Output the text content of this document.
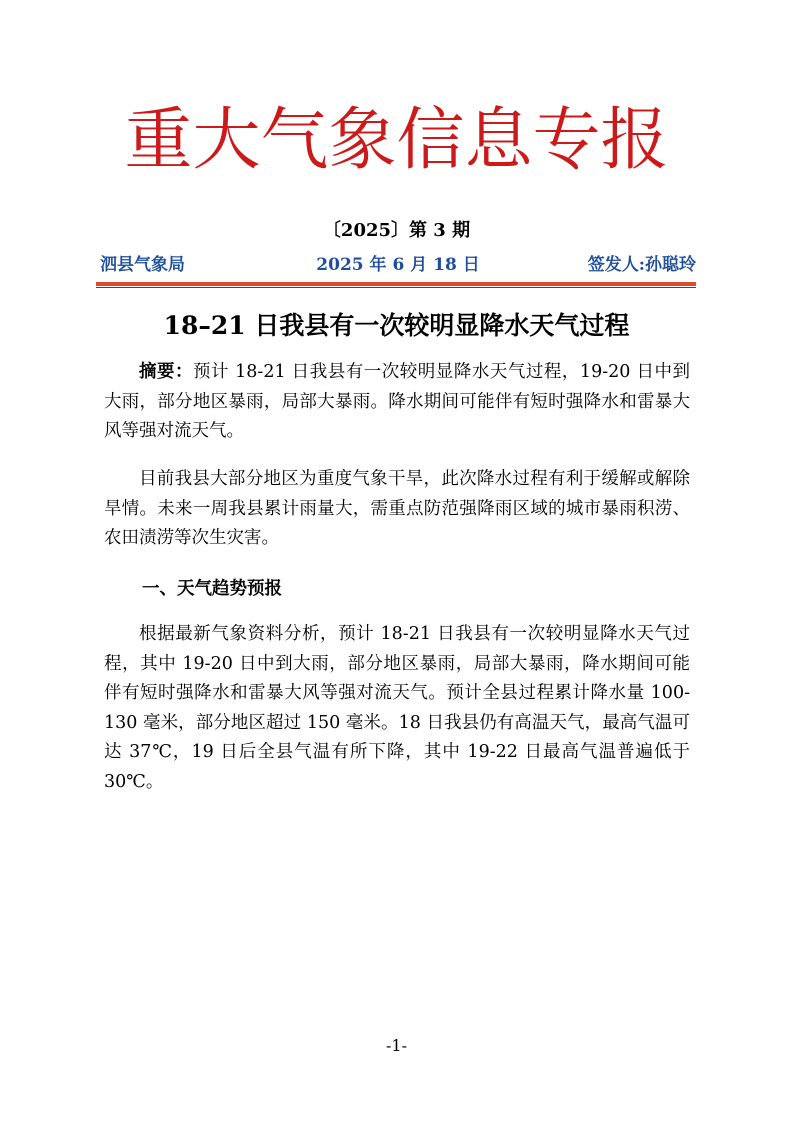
重大气象信息专报
〔2025〕第 3 期
泗县气象局	2025 年 6 月 18 日	签发人:孙聪玲
18–21 日我县有一次较明显降水天气过程

摘要：预计 18-21 日我县有一次较明显降水天气过程，19-20 日中到大雨，部分地区暴雨，局部大暴雨。降水期间可能伴有短时强降水和雷暴大风等强对流天气。

目前我县大部分地区为重度气象干旱，此次降水过程有利于缓解或解除旱情。未来一周我县累计雨量大，需重点防范强降雨区域的城市暴雨积涝、农田渍涝等次生灾害。

一、天气趋势预报

根据最新气象资料分析，预计 18-21 日我县有一次较明显降水天气过程，其中 19-20 日中到大雨，部分地区暴雨，局部大暴雨，降水期间可能伴有短时强降水和雷暴大风等强对流天气。预计全县过程累计降水量 100-130 毫米，部分地区超过 150 毫米。18 日我县仍有高温天气，最高气温可达 37℃，19 日后全县气温有所下降，其中 19-22 日最高气温普遍低于 30℃。

-1-
